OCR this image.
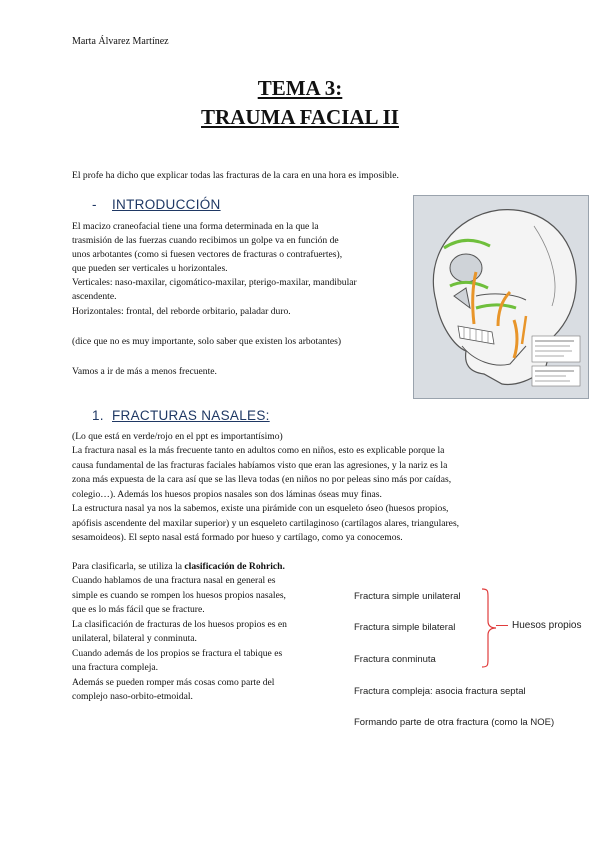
Marta Álvarez Martínez
TEMA 3:
TRAUMA FACIAL II
El profe ha dicho que explicar todas las fracturas de la cara en una hora es imposible.
- INTRODUCCIÓN
El macizo craneofacial tiene una forma determinada en la que la
trasmisión de las fuerzas cuando recibimos un golpe va en función de
unos arbotantes (como si fuesen vectores de fracturas o contrafuertes),
que pueden ser verticales u horizontales.
Verticales: naso-maxilar, cigomático-maxilar, pterigo-maxilar, mandibular
ascendente.
Horizontales: frontal, del reborde orbitario, paladar duro.
(dice que no es muy importante, solo saber que existen los arbotantes)
Vamos a ir de más a menos frecuente.
1. FRACTURAS NASALES:
(Lo que está en verde/rojo en el ppt es importantísimo)
La fractura nasal es la más frecuente tanto en adultos como en niños, esto es explicable porque la
causa fundamental de las fracturas faciales habíamos visto que eran las agresiones, y la nariz es la
zona más expuesta de la cara así que se las lleva todas (en niños no por peleas sino más por caídas,
colegio…). Además los huesos propios nasales son dos láminas óseas muy finas.
La estructura nasal ya nos la sabemos, existe una pirámide con un esqueleto óseo (huesos propios,
apófisis ascendente del maxilar superior) y un esqueleto cartilaginoso (cartílagos alares, triangulares,
sesamoideos). El septo nasal está formado por hueso y cartílago, como ya conocemos.
Para clasificarla, se utiliza la clasificación de Rohrich.
Cuando hablamos de una fractura nasal en general es
simple es cuando se rompen los huesos propios nasales,
que es lo más fácil que se fracture.
La clasificación de fracturas de los huesos propios es en
unilateral, bilateral y conminuta.
Cuando además de los propios se fractura el tabique es
una fractura compleja.
Además se pueden romper más cosas como parte del
complejo naso-orbito-etmoidal.
Fractura simple unilateral
Fractura simple bilateral
Fractura conminuta
Fractura compleja: asocia fractura septal
Formando parte de otra fractura (como la NOE)
Huesos propios
